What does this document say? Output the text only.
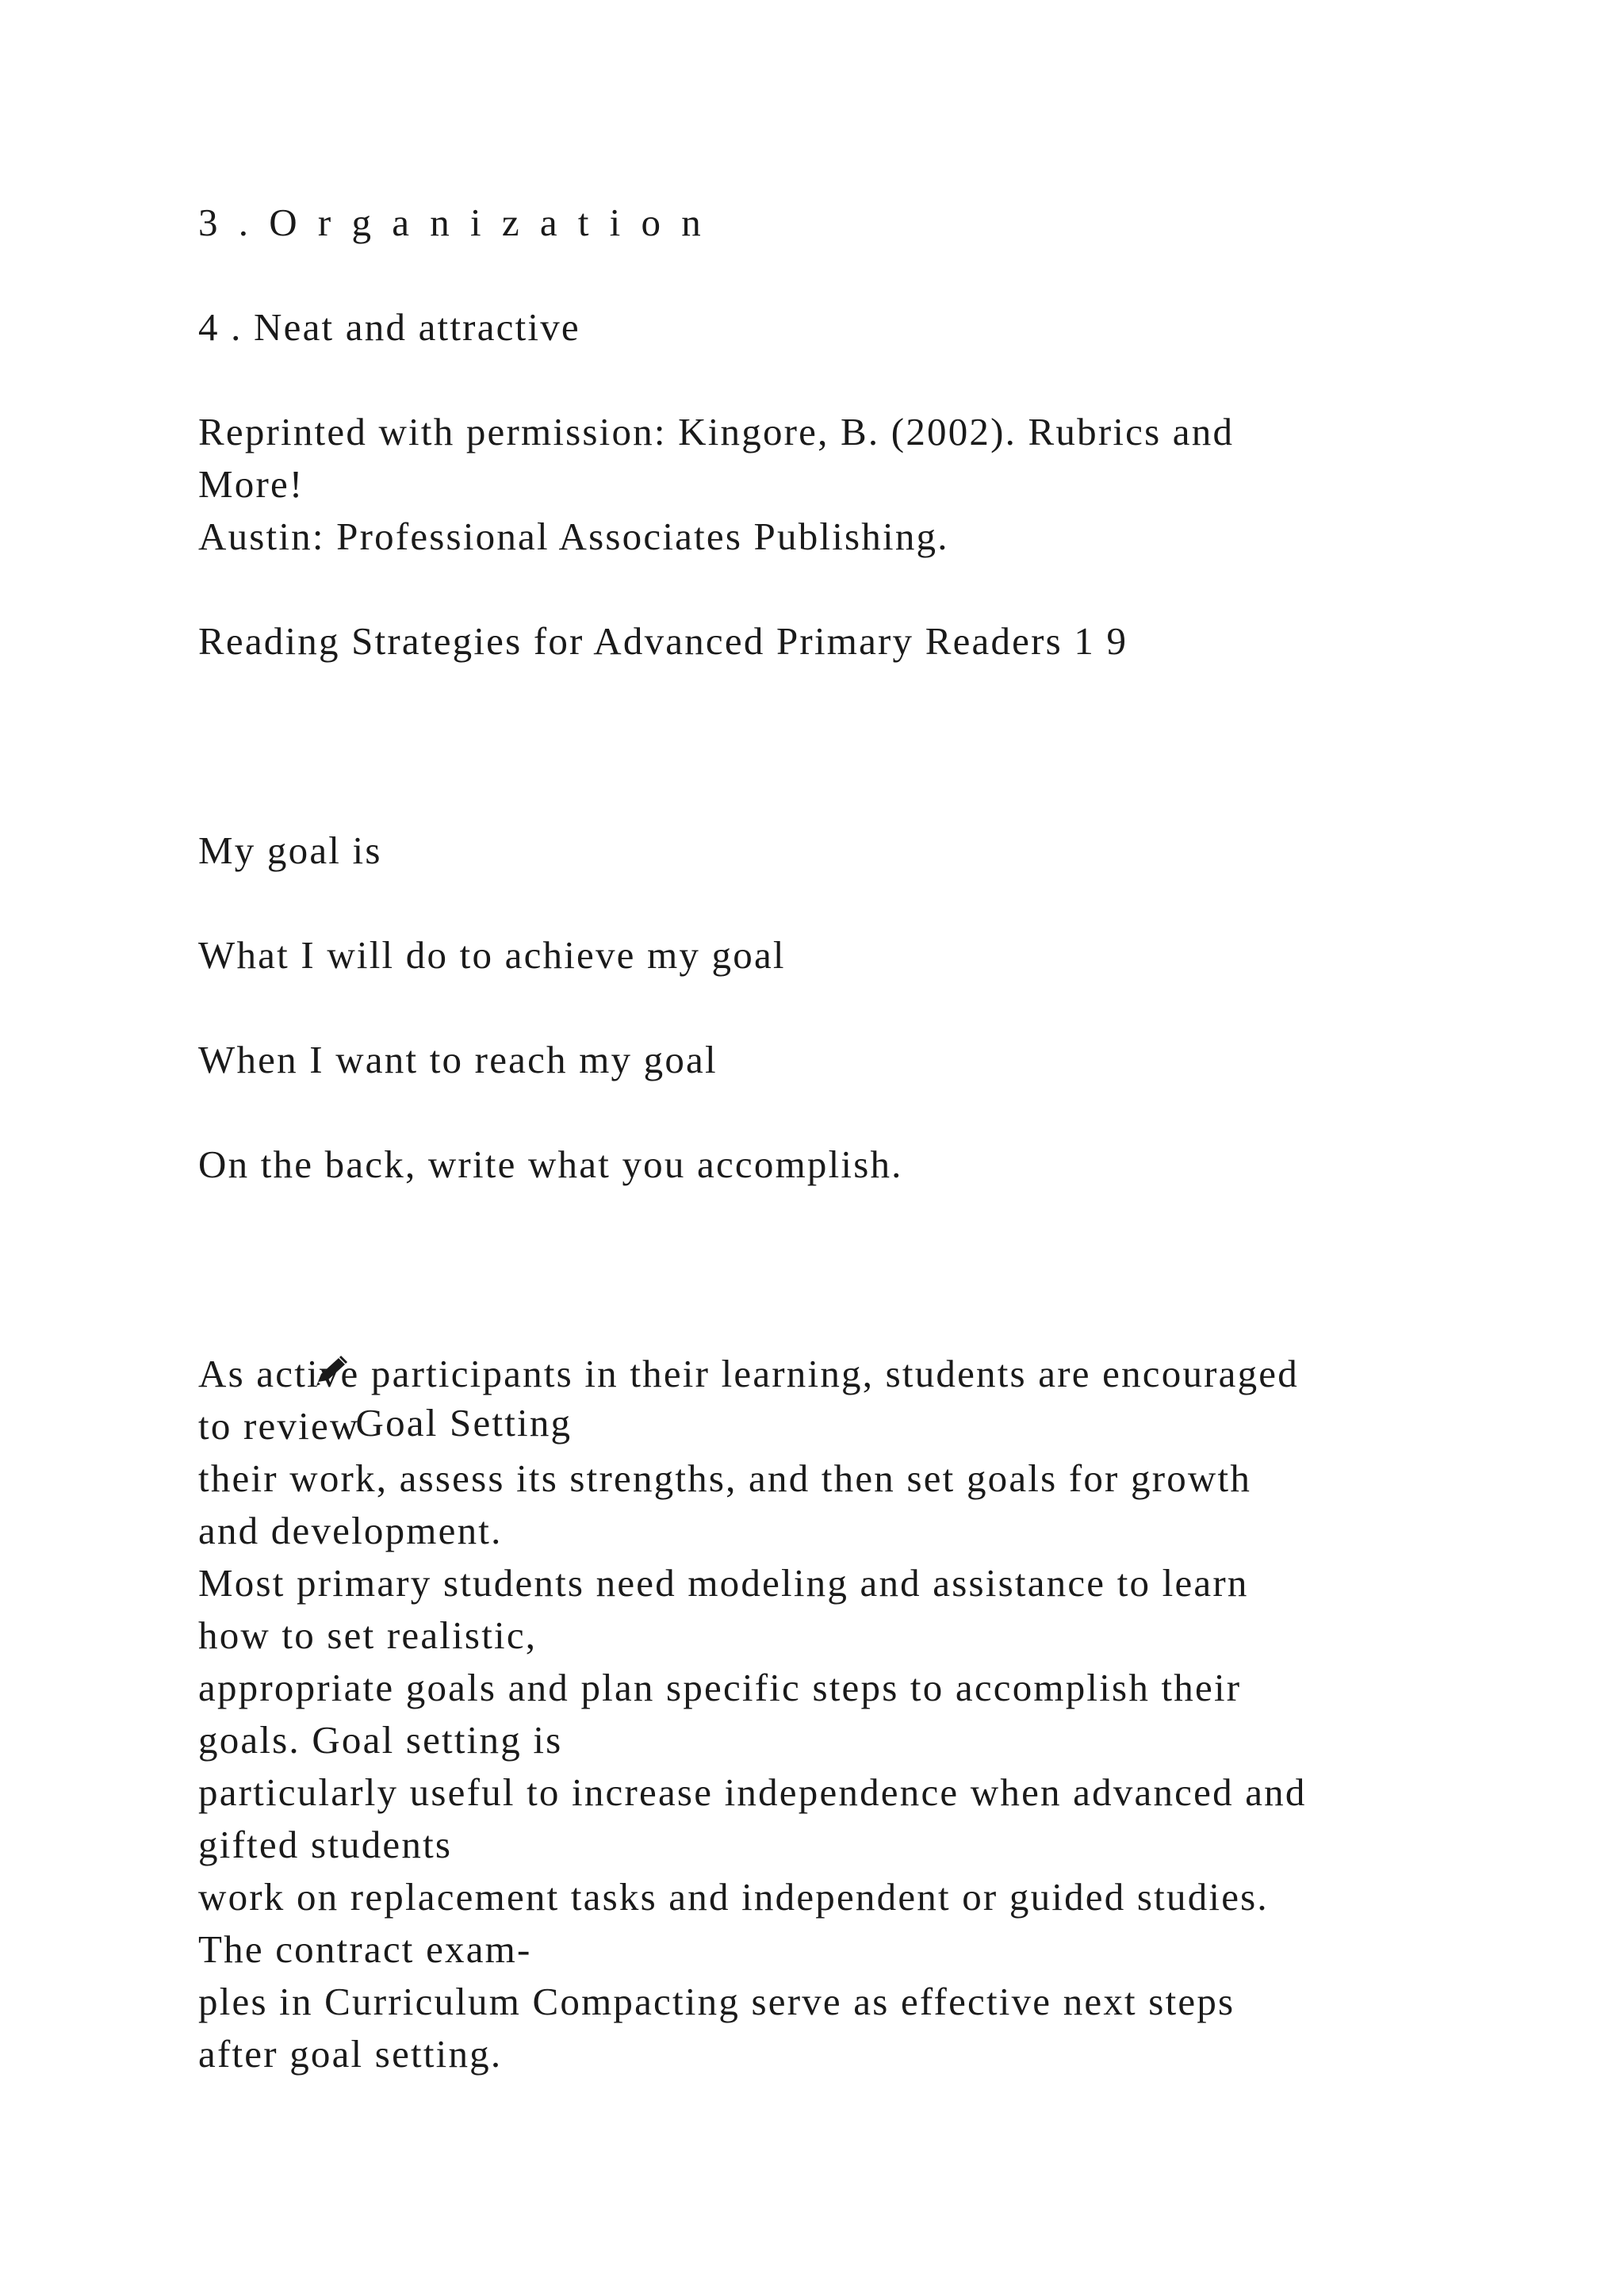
3 . O r g a n i z a t i o n
4 . Neat and attractive
Reprinted with permission: Kingore, B. (2002). Rubrics and
More!
Austin: Professional Associates Publishing.
Reading Strategies for Advanced Primary Readers 1 9
My goal is
What I will do to achieve my goal
When I want to reach my goal
On the back, write what you accomplish.

Goal Setting

As active participants in their learning, students are encouraged
to review
their work, assess its strengths, and then set goals for growth
and development.
Most primary students need modeling and assistance to learn
how to set realistic,
appropriate goals and plan specific steps to accomplish their
goals. Goal setting is
particularly useful to increase independence when advanced and
gifted students
work on replacement tasks and independent or guided studies.
The contract exam-
ples in Curriculum Compacting serve as effective next steps
after goal setting.
